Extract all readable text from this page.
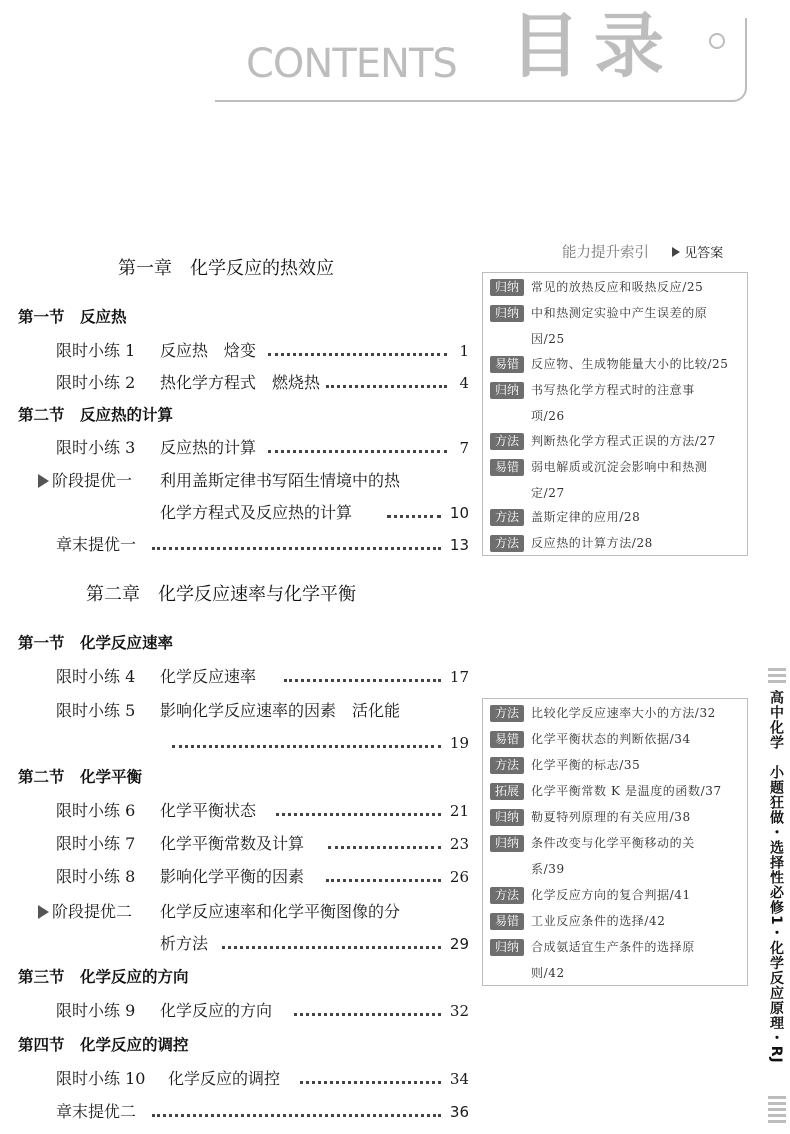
CONTENTS 目录
第一章　化学反应的热效应
第一节　反应热
限时小练 1 反应热　焓变	1
限时小练 2 热化学方程式　燃烧热	4
第二节　反应热的计算
限时小练 3 反应热的计算	7
阶段提优一 利用盖斯定律书写陌生情境中的热
化学方程式及反应热的计算	10
章末提优一	13
第二章　化学反应速率与化学平衡
第一节　化学反应速率
限时小练 4 化学反应速率	17
限时小练 5 影响化学反应速率的因素　活化能
19
第二节　化学平衡
限时小练 6 化学平衡状态	21
限时小练 7 化学平衡常数及计算	23
限时小练 8 影响化学平衡的因素	26
阶段提优二 化学反应速率和化学平衡图像的分
析方法	29
第三节　化学反应的方向
限时小练 9 化学反应的方向	32
第四节　化学反应的调控
限时小练 10 化学反应的调控	34
章末提优二	36
能力提升索引	见答案
归纳	常见的放热反应和吸热反应/25
归纳	中和热测定实验中产生误差的原
因/25
易错	反应物、生成物能量大小的比较/25
归纳	书写热化学方程式时的注意事
项/26
方法	判断热化学方程式正误的方法/27
易错	弱电解质或沉淀会影响中和热测
定/27
方法	盖斯定律的应用/28
方法	反应热的计算方法/28
方法	比较化学反应速率大小的方法/32
易错	化学平衡状态的判断依据/34
方法	化学平衡的标志/35
拓展	化学平衡常数 K 是温度的函数/37
归纳	勒夏特列原理的有关应用/38
归纳	条件改变与化学平衡移动的关
系/39
方法	化学反应方向的复合判据/41
易错	工业反应条件的选择/42
归纳	合成氨适宜生产条件的选择原
则/42	高中化学　小题狂做・选择性必修1・化学反应原理・RJ
